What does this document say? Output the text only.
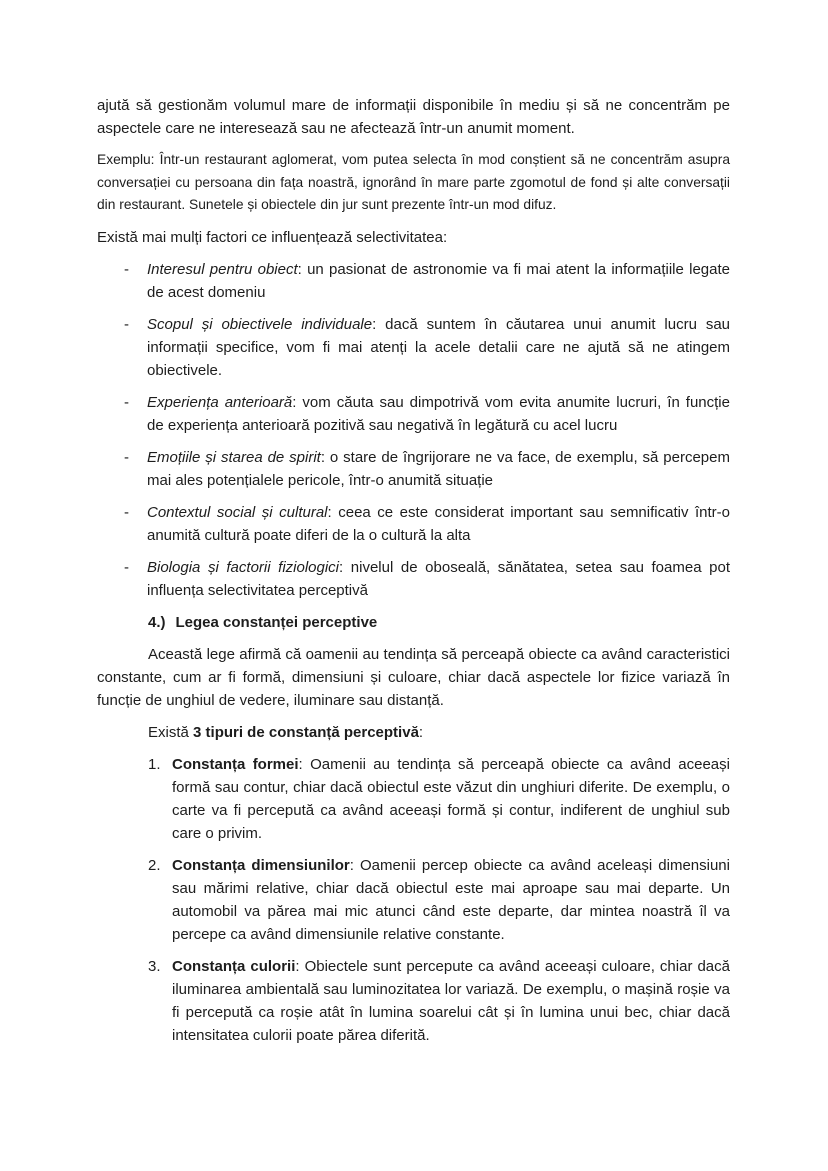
ajută să gestionăm volumul mare de informații disponibile în mediu și să ne concentrăm pe aspectele care ne interesează sau ne afectează într-un anumit moment.

Exemplu: Într-un restaurant aglomerat, vom putea selecta în mod conștient să ne concentrăm asupra conversației cu persoana din fața noastră, ignorând în mare parte zgomotul de fond și alte conversații din restaurant. Sunetele și obiectele din jur sunt prezente într-un mod difuz.

Există mai mulți factori ce influențează selectivitatea:

- Interesul pentru obiect: un pasionat de astronomie va fi mai atent la informațiile legate de acest domeniu
- Scopul și obiectivele individuale: dacă suntem în căutarea unui anumit lucru sau informații specifice, vom fi mai atenți la acele detalii care ne ajută să ne atingem obiectivele.
- Experiența anterioară: vom căuta sau dimpotrivă vom evita anumite lucruri, în funcție de experiența anterioară pozitivă sau negativă în legătură cu acel lucru
- Emoțiile și starea de spirit: o stare de îngrijorare ne va face, de exemplu, să percepem mai ales potențialele pericole, într-o anumită situație
- Contextul social și cultural: ceea ce este considerat important sau semnificativ într-o anumită cultură poate diferi de la o cultură la alta
- Biologia și factorii fiziologici: nivelul de oboseală, sănătatea, setea sau foamea pot influența selectivitatea perceptivă

4.) Legea constanței perceptive

Această lege afirmă că oamenii au tendința să perceapă obiecte ca având caracteristici constante, cum ar fi formă, dimensiuni și culoare, chiar dacă aspectele lor fizice variază în funcție de unghiul de vedere, iluminare sau distanță.

Există 3 tipuri de constanță perceptivă:

1. Constanța formei: Oamenii au tendința să perceapă obiecte ca având aceeași formă sau contur, chiar dacă obiectul este văzut din unghiuri diferite. De exemplu, o carte va fi percepută ca având aceeași formă și contur, indiferent de unghiul sub care o privim.
2. Constanța dimensiunilor: Oamenii percep obiecte ca având aceleași dimensiuni sau mărimi relative, chiar dacă obiectul este mai aproape sau mai departe. Un automobil va părea mai mic atunci când este departe, dar mintea noastră îl va percepe ca având dimensiunile relative constante.
3. Constanța culorii: Obiectele sunt percepute ca având aceeași culoare, chiar dacă iluminarea ambientală sau luminozitatea lor variază. De exemplu, o mașină roșie va fi percepută ca roșie atât în lumina soarelui cât și în lumina unui bec, chiar dacă intensitatea culorii poate părea diferită.
